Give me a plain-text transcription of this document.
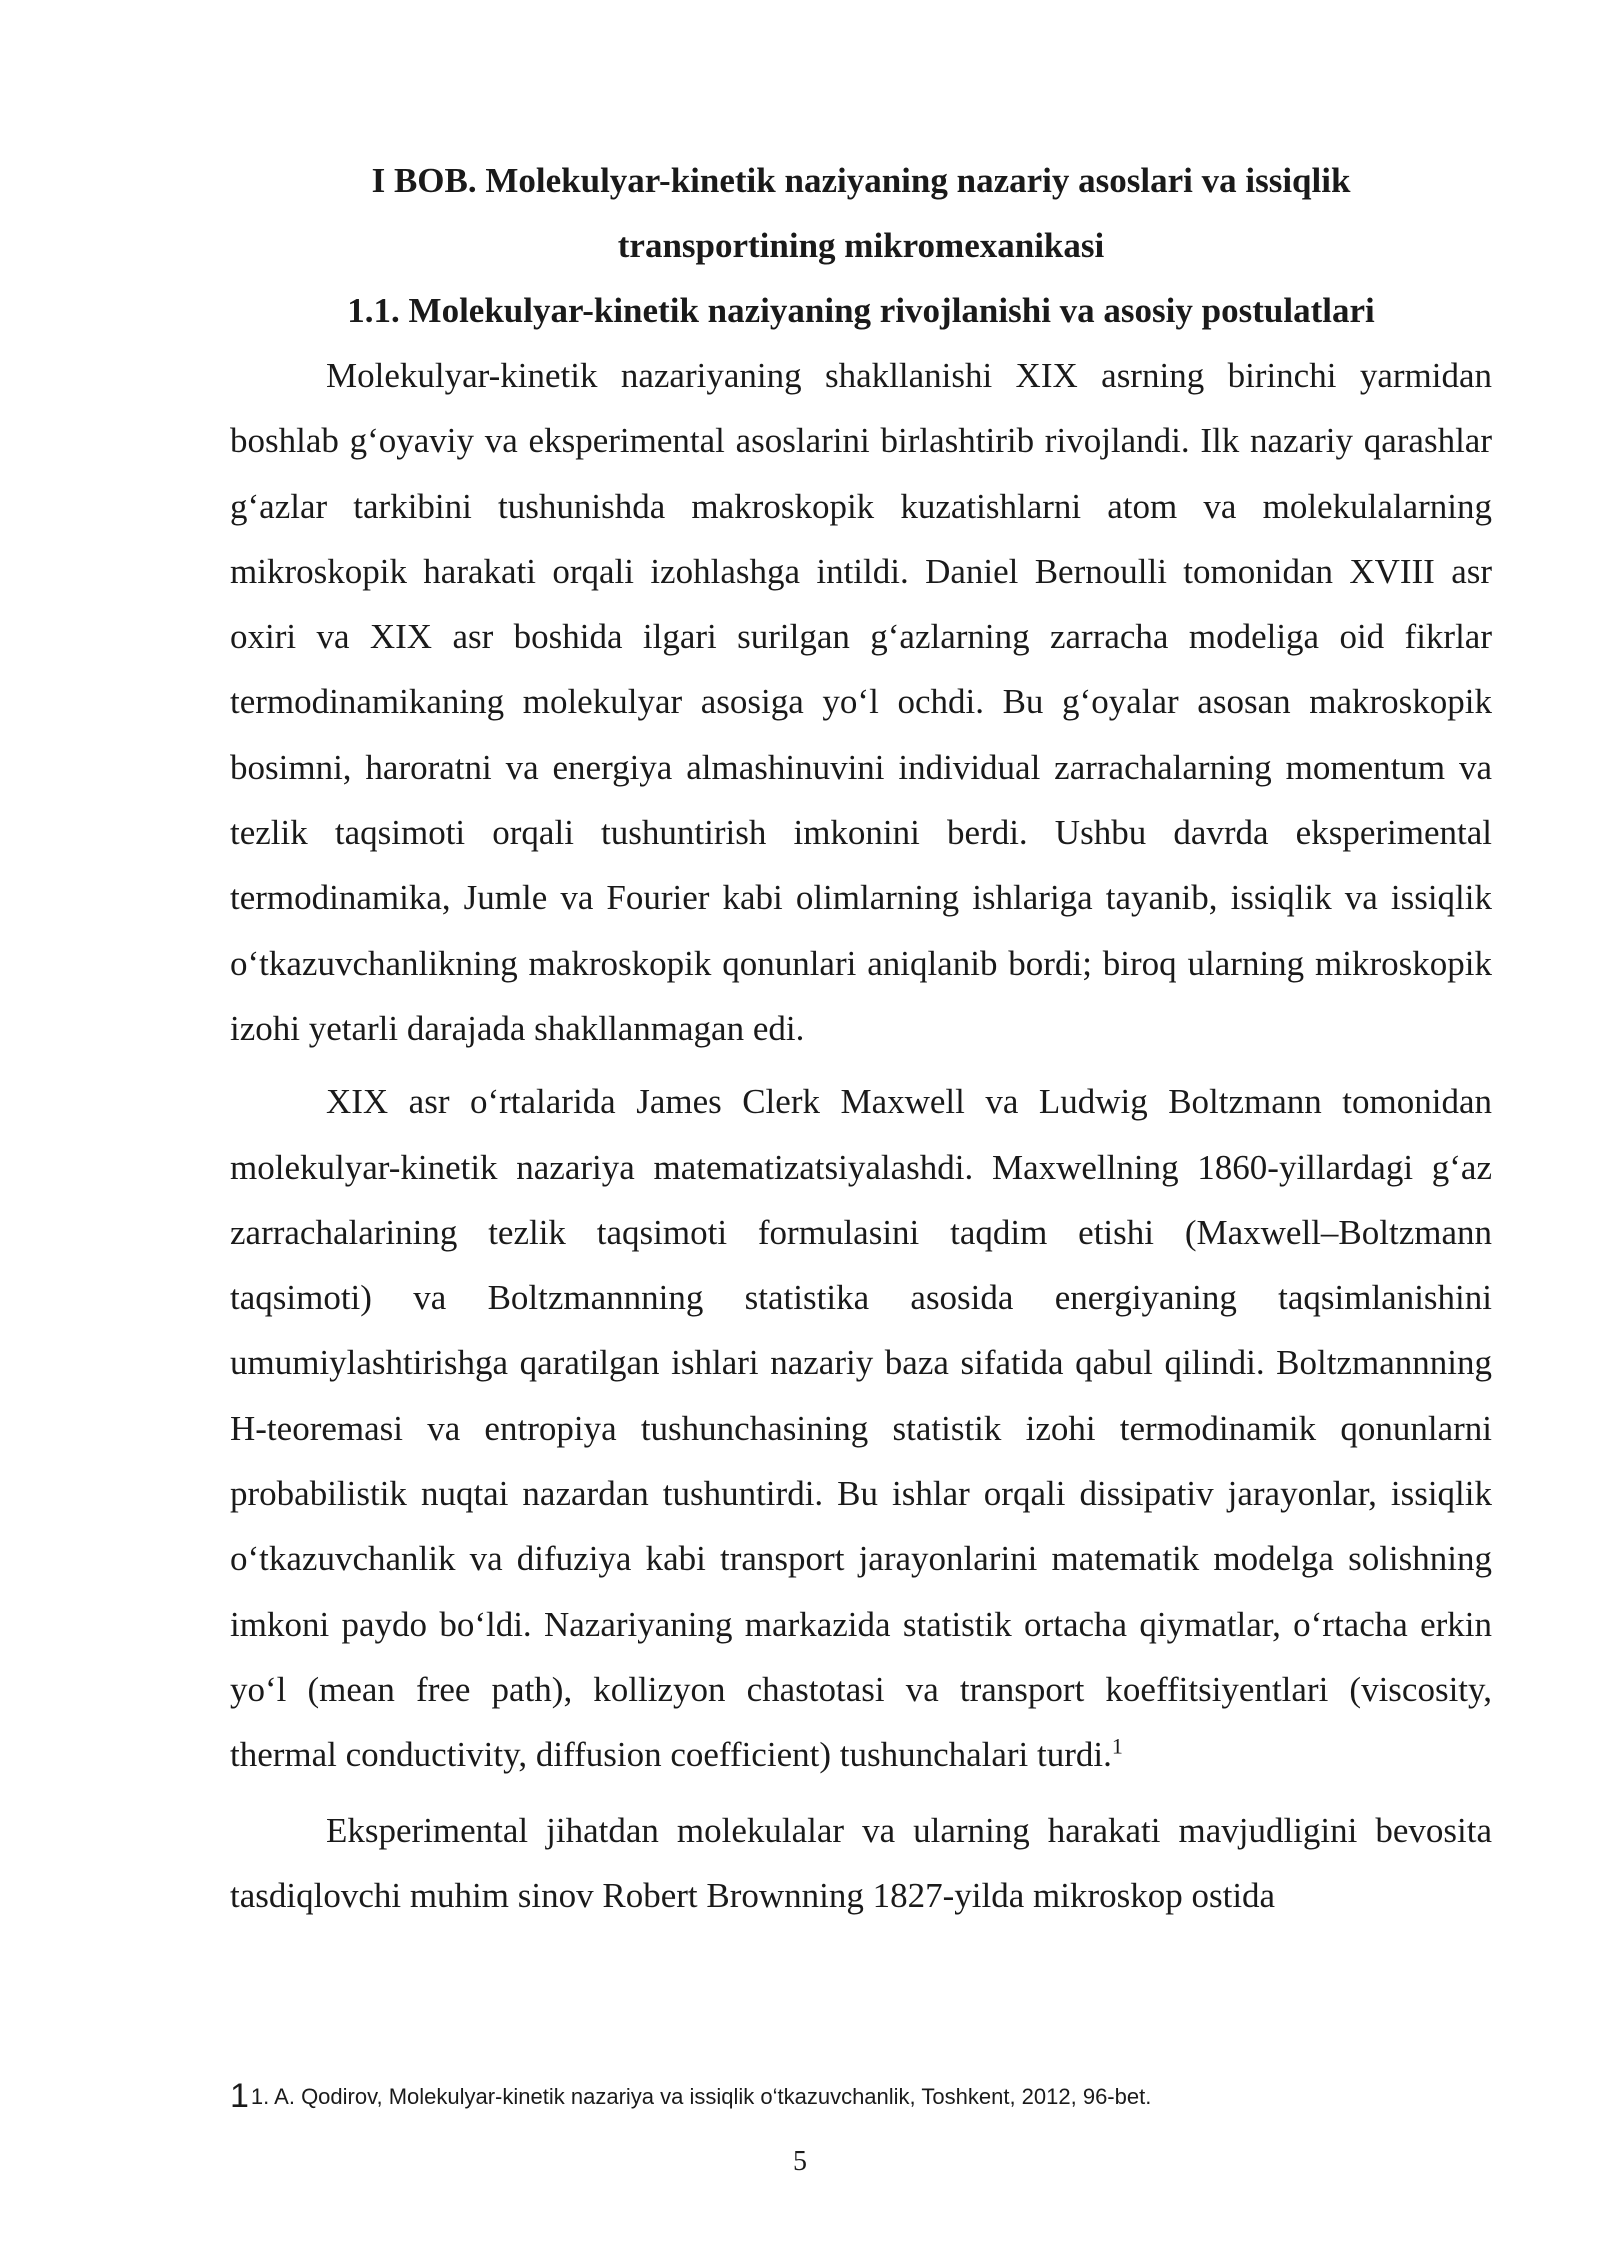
I BOB. Molekulyar-kinetik naziyaning nazariy asoslari va issiqlik

transportining mikromexanikasi

1.1. Molekulyar-kinetik naziyaning rivojlanishi va asosiy postulatlari

Molekulyar-kinetik nazariyaning shakllanishi XIX asrning birinchi yarmidan boshlab g‘oyaviy va eksperimental asoslarini birlashtirib rivojlandi. Ilk nazariy qarashlar g‘azlar tarkibini tushunishda makroskopik kuzatishlarni atom va molekulalarning mikroskopik harakati orqali izohlashga intildi. Daniel Bernoulli tomonidan XVIII asr oxiri va XIX asr boshida ilgari surilgan g‘azlarning zarracha modeliga oid fikrlar termodinamikaning molekulyar asosiga yo‘l ochdi. Bu g‘oyalar asosan makroskopik bosimni, haroratni va energiya almashinuvini individual zarrachalarning momentum va tezlik taqsimoti orqali tushuntirish imkonini berdi. Ushbu davrda eksperimental termodinamika, Jumle va Fourier kabi olimlarning ishlariga tayanib, issiqlik va issiqlik o‘tkazuvchanlikning makroskopik qonunlari aniqlanib bordi; biroq ularning mikroskopik izohi yetarli darajada shakllanmagan edi.

XIX asr o‘rtalarida James Clerk Maxwell va Ludwig Boltzmann tomonidan molekulyar-kinetik nazariya matematizatsiyalashdi. Maxwellning 1860-yillardagi g‘az zarrachalarining tezlik taqsimoti formulasini taqdim etishi (Maxwell–Boltzmann taqsimoti) va Boltzmannning statistika asosida energiyaning taqsimlanishini umumiylashtirishga qaratilgan ishlari nazariy baza sifatida qabul qilindi. Boltzmannning H-teoremasi va entropiya tushunchasining statistik izohi termodinamik qonunlarni probabilistik nuqtai nazardan tushuntirdi. Bu ishlar orqali dissipativ jarayonlar, issiqlik o‘tkazuvchanlik va difuziya kabi transport jarayonlarini matematik modelga solishning imkoni paydo bo‘ldi. Nazariyaning markazida statistik ortacha qiymatlar, o‘rtacha erkin yo‘l (mean free path), kollizyon chastotasi va transport koeffitsiyentlari (viscosity, thermal conductivity, diffusion coefficient) tushunchalari turdi.$^1$

Eksperimental jihatdan molekulalar va ularning harakati mavjudligini bevosita tasdiqlovchi muhim sinov Robert Brownning 1827-yilda mikroskop ostida

11. A. Qodirov, Molekulyar-kinetik nazariya va issiqlik o‘tkazuvchanlik, Toshkent, 2012, 96-bet.
5
